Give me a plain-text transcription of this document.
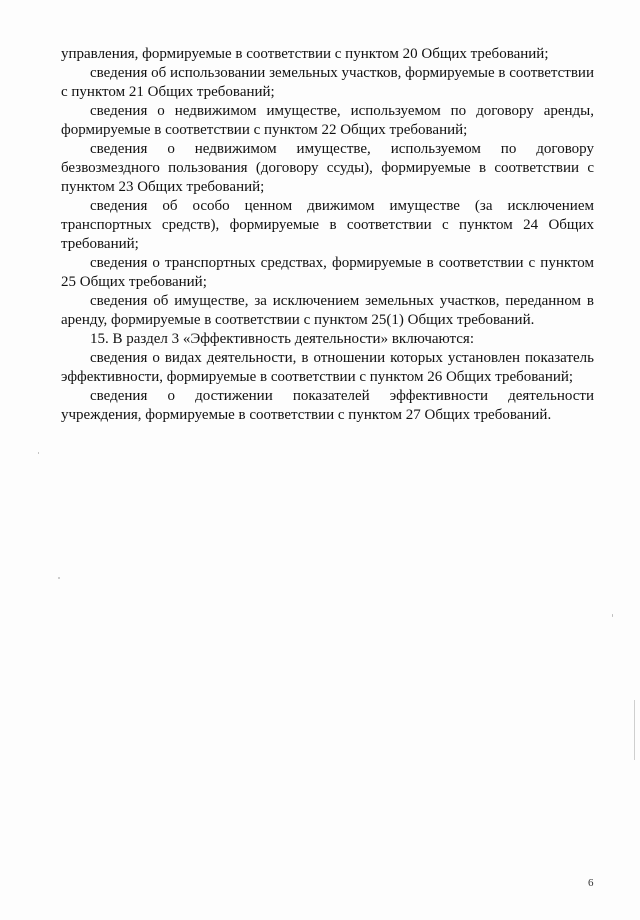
управления, формируемые в соответствии с пунктом 20 Общих требований;

сведения об использовании земельных участков, формируемые в соответствии с пунктом 21 Общих требований;

сведения о недвижимом имуществе, используемом по договору аренды, формируемые в соответствии с пунктом 22 Общих требований;

сведения о недвижимом имуществе, используемом по договору безвозмездного пользования (договору ссуды), формируемые в соответствии с пунктом 23 Общих требований;

сведения об особо ценном движимом имуществе (за исключением транспортных средств), формируемые в соответствии с пунктом 24 Общих требований;

сведения о транспортных средствах, формируемые в соответствии с пунктом 25 Общих требований;

сведения об имуществе, за исключением земельных участков, переданном в аренду, формируемые в соответствии с пунктом 25(1) Общих требований.

15. В раздел 3 «Эффективность деятельности» включаются:

сведения о видах деятельности, в отношении которых установлен показатель эффективности, формируемые в соответствии с пунктом 26 Общих требований;

сведения о достижении показателей эффективности деятельности учреждения, формируемые в соответствии с пунктом 27 Общих требований.

6
